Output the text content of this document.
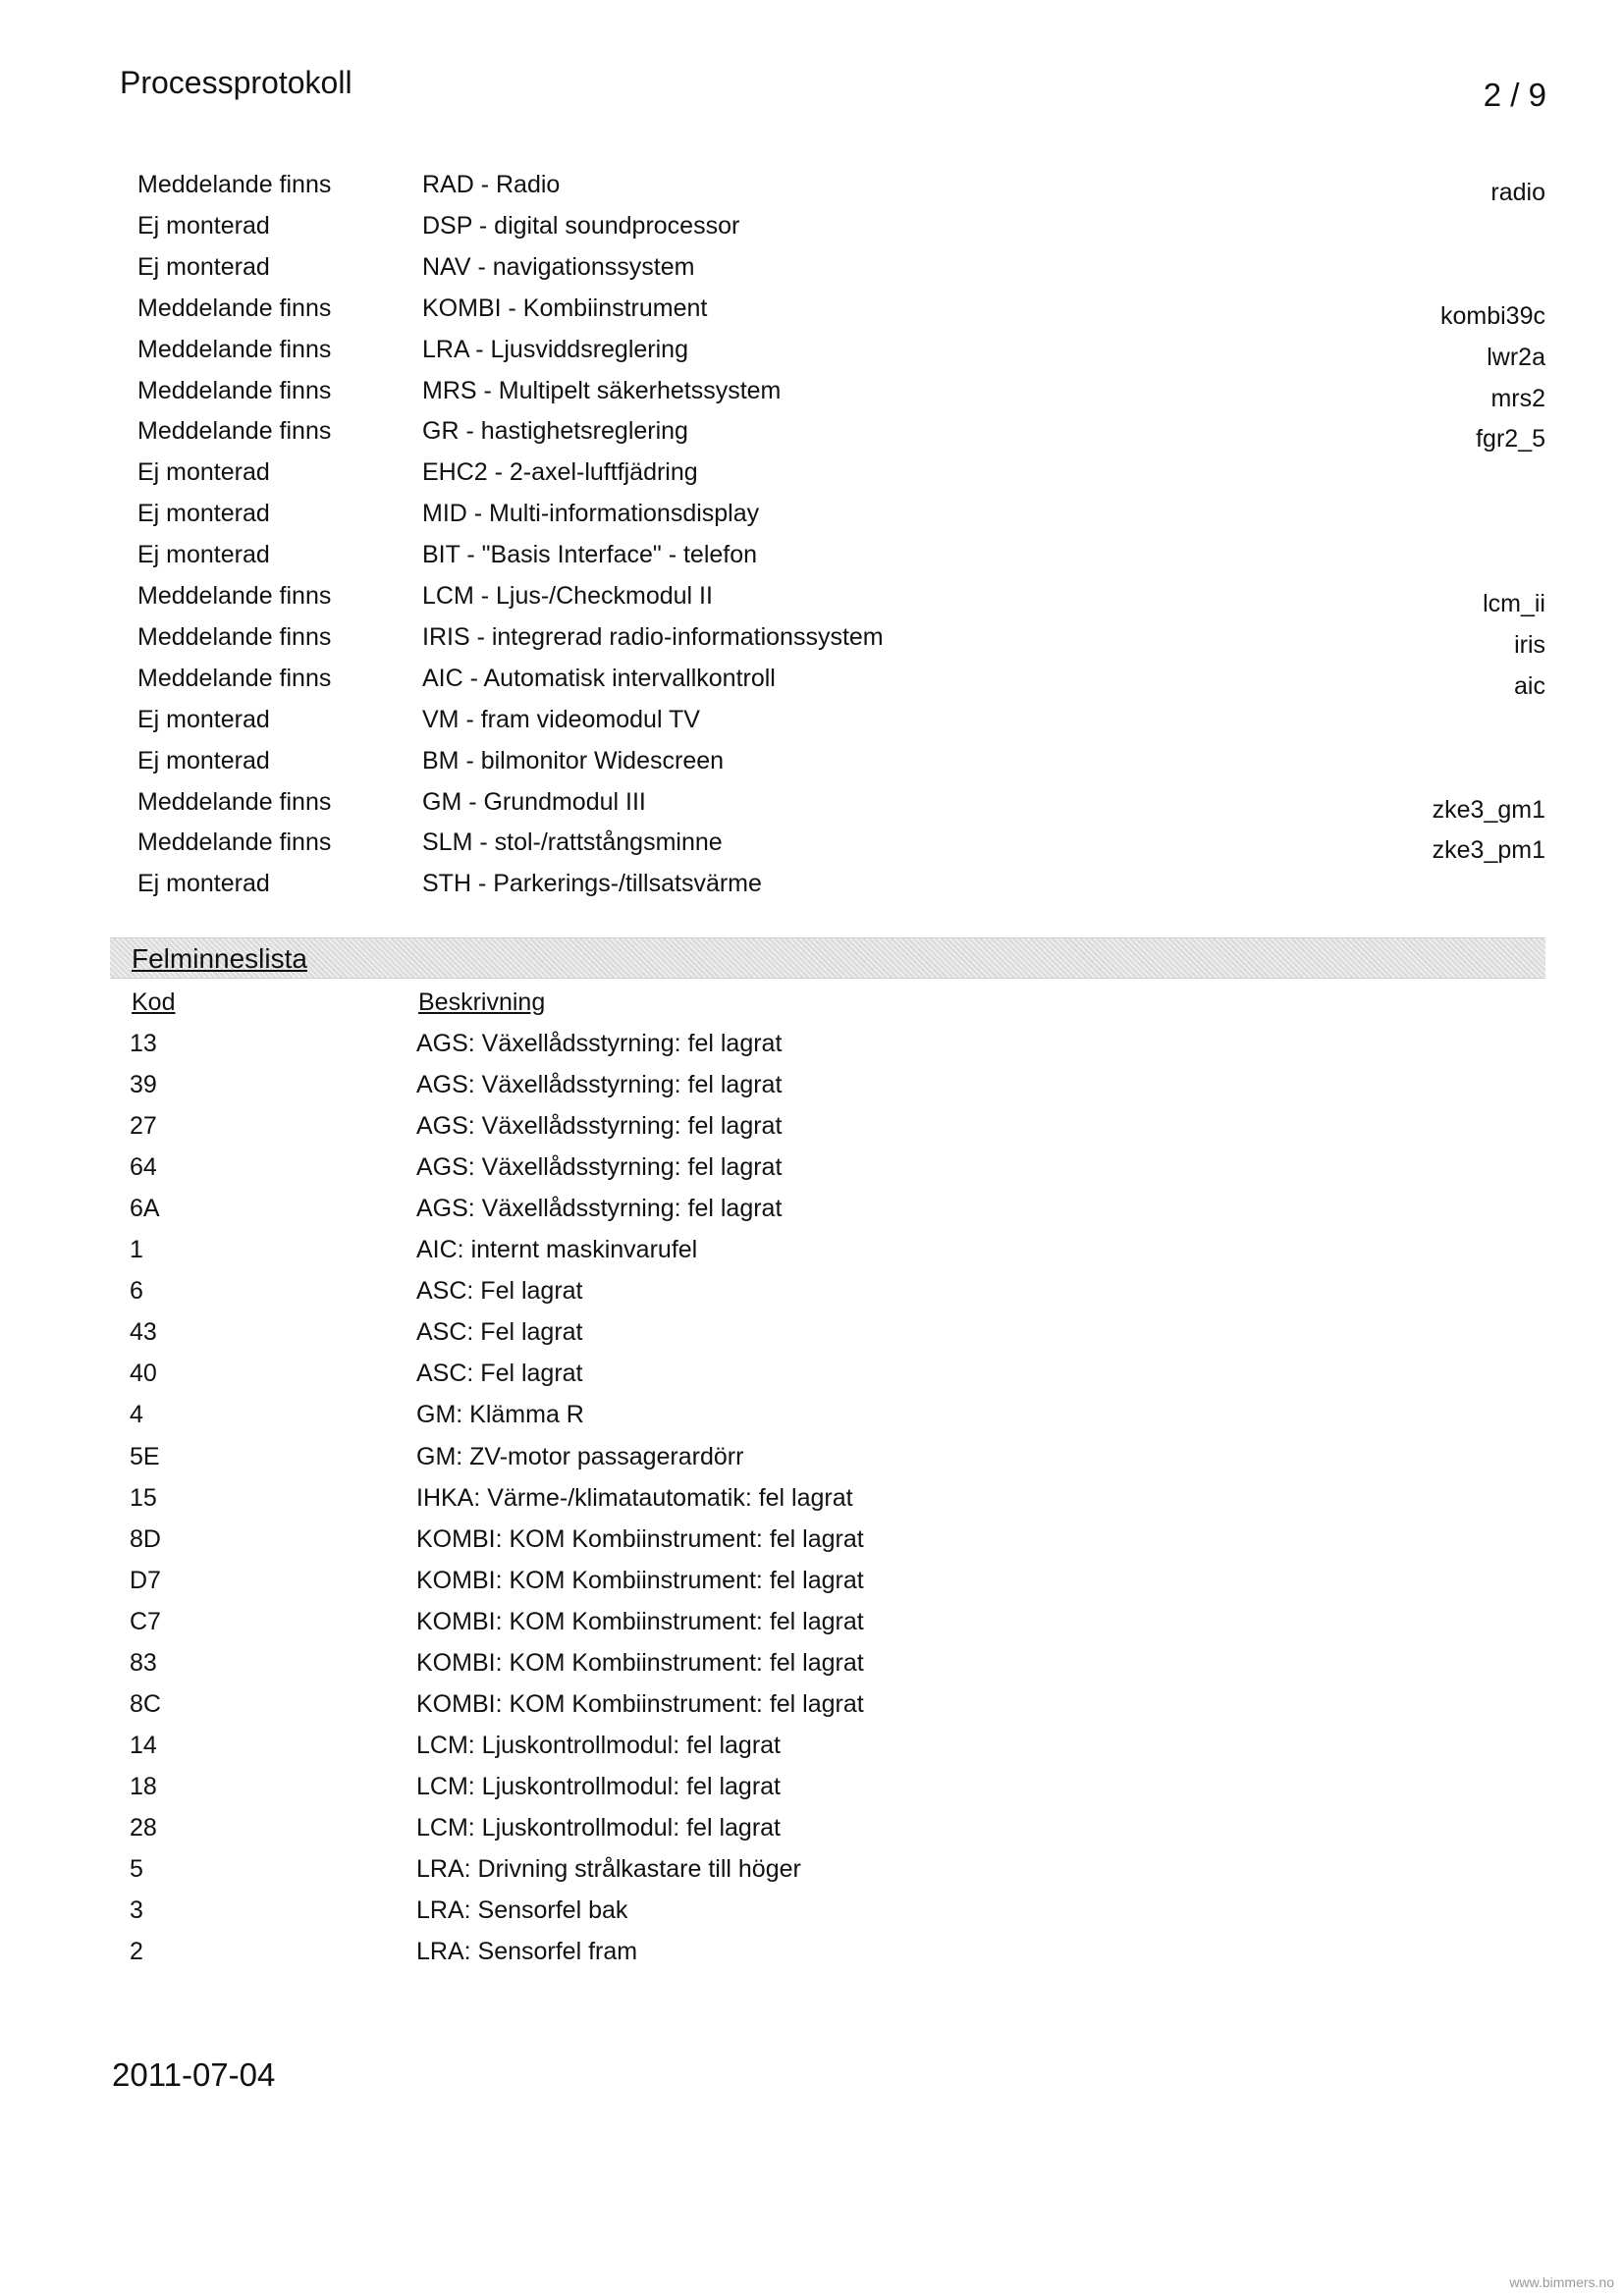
Processprotokoll	2 / 9
Meddelande finns	RAD - Radio	radio
Ej monterad	DSP - digital soundprocessor
Ej monterad	NAV - navigationssystem
Meddelande finns	KOMBI - Kombiinstrument	kombi39c
Meddelande finns	LRA - Ljusviddsreglering	lwr2a
Meddelande finns	MRS - Multipelt säkerhetssystem	mrs2
Meddelande finns	GR - hastighetsreglering	fgr2_5
Ej monterad	EHC2 - 2-axel-luftfjädring
Ej monterad	MID - Multi-informationsdisplay
Ej monterad	BIT - "Basis Interface" - telefon
Meddelande finns	LCM - Ljus-/Checkmodul II	lcm_ii
Meddelande finns	IRIS - integrerad radio-informationssystem	iris
Meddelande finns	AIC - Automatisk intervallkontroll	aic
Ej monterad	VM - fram videomodul TV
Ej monterad	BM - bilmonitor Widescreen
Meddelande finns	GM - Grundmodul III	zke3_gm1
Meddelande finns	SLM - stol-/rattstångsminne	zke3_pm1
Ej monterad	STH - Parkerings-/tillsatsvärme
Felminneslista
Kod	Beskrivning
13	AGS: Växellådsstyrning: fel lagrat
39	AGS: Växellådsstyrning: fel lagrat
27	AGS: Växellådsstyrning: fel lagrat
64	AGS: Växellådsstyrning: fel lagrat
6A	AGS: Växellådsstyrning: fel lagrat
1	AIC: internt maskinvarufel
6	ASC: Fel lagrat
43	ASC: Fel lagrat
40	ASC: Fel lagrat
4	GM: Klämma R
5E	GM: ZV-motor passagerardörr
15	IHKA: Värme-/klimatautomatik: fel lagrat
8D	KOMBI: KOM Kombiinstrument: fel lagrat
D7	KOMBI: KOM Kombiinstrument: fel lagrat
C7	KOMBI: KOM Kombiinstrument: fel lagrat
83	KOMBI: KOM Kombiinstrument: fel lagrat
8C	KOMBI: KOM Kombiinstrument: fel lagrat
14	LCM: Ljuskontrollmodul: fel lagrat
18	LCM: Ljuskontrollmodul: fel lagrat
28	LCM: Ljuskontrollmodul: fel lagrat
5	LRA: Drivning strålkastare till höger
3	LRA: Sensorfel bak
2	LRA: Sensorfel fram
2011-07-04
www.bimmers.no
